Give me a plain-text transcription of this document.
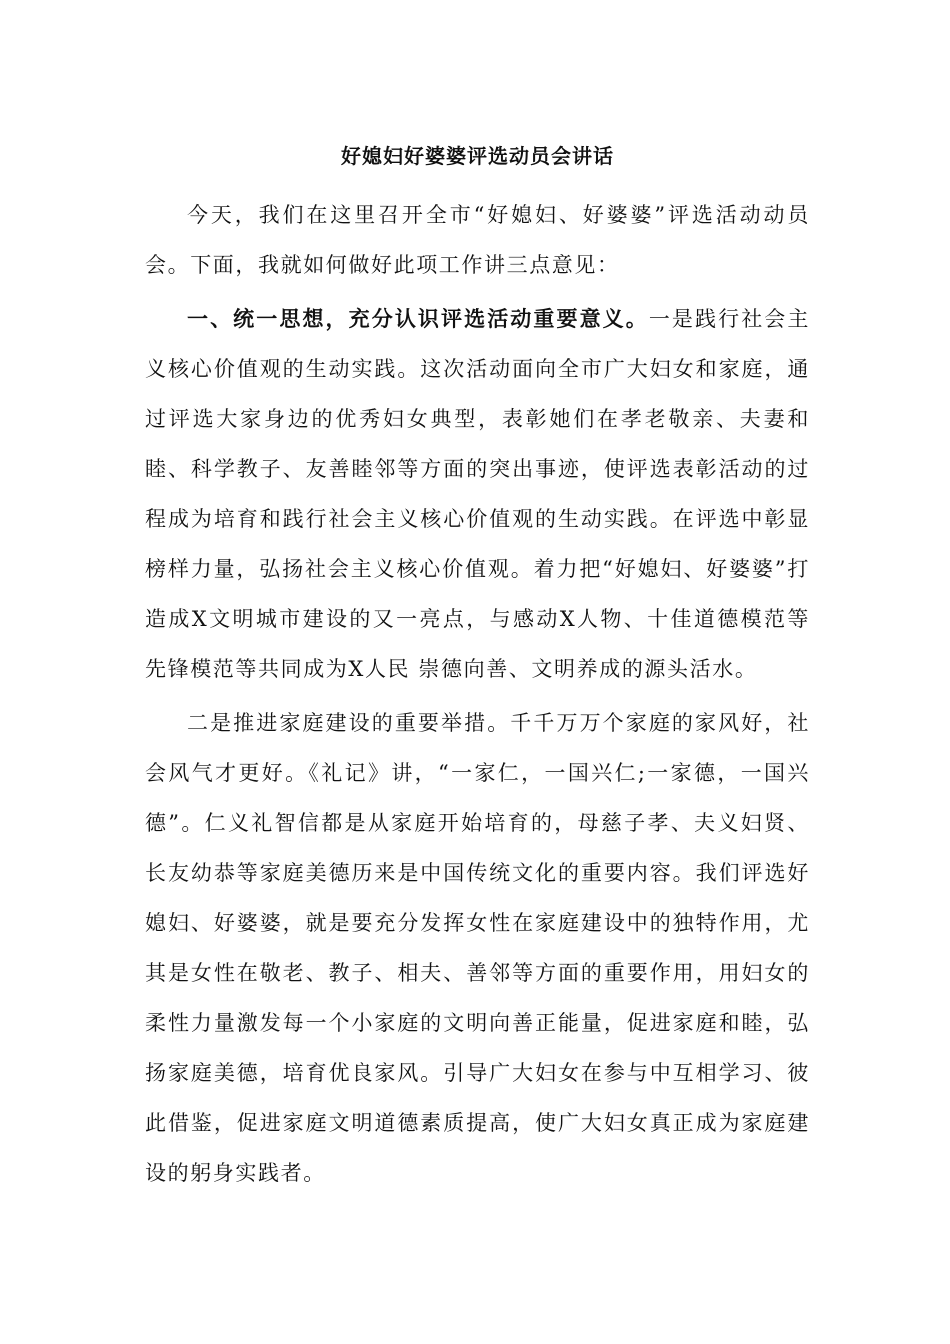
好媳妇好婆婆评选动员会讲话

今天，我们在这里召开全市“好媳妇、好婆婆”评选活动动员会。下面，我就如何做好此项工作讲三点意见：

一、统一思想，充分认识评选活动重要意义。一是践行社会主义核心价值观的生动实践。这次活动面向全市广大妇女和家庭，通过评选大家身边的优秀妇女典型，表彰她们在孝老敬亲、夫妻和睦、科学教子、友善睦邻等方面的突出事迹，使评选表彰活动的过程成为培育和践行社会主义核心价值观的生动实践。在评选中彰显榜样力量，弘扬社会主义核心价值观。着力把“好媳妇、好婆婆”打造成X文明城市建设的又一亮点，与感动X人物、十佳道德模范等先锋模范等共同成为X人民 崇德向善、文明养成的源头活水。

二是推进家庭建设的重要举措。千千万万个家庭的家风好，社会风气才更好。《礼记》讲，“一家仁，一国兴仁;一家德，一国兴德”。仁义礼智信都是从家庭开始培育的，母慈子孝、夫义妇贤、长友幼恭等家庭美德历来是中国传统文化的重要内容。我们评选好媳妇、好婆婆，就是要充分发挥女性在家庭建设中的独特作用，尤其是女性在敬老、教子、相夫、善邻等方面的重要作用，用妇女的柔性力量激发每一个小家庭的文明向善正能量，促进家庭和睦，弘扬家庭美德，培育优良家风。引导广大妇女在参与中互相学习、彼此借鉴，促进家庭文明道德素质提高，使广大妇女真正成为家庭建设的躬身实践者。
